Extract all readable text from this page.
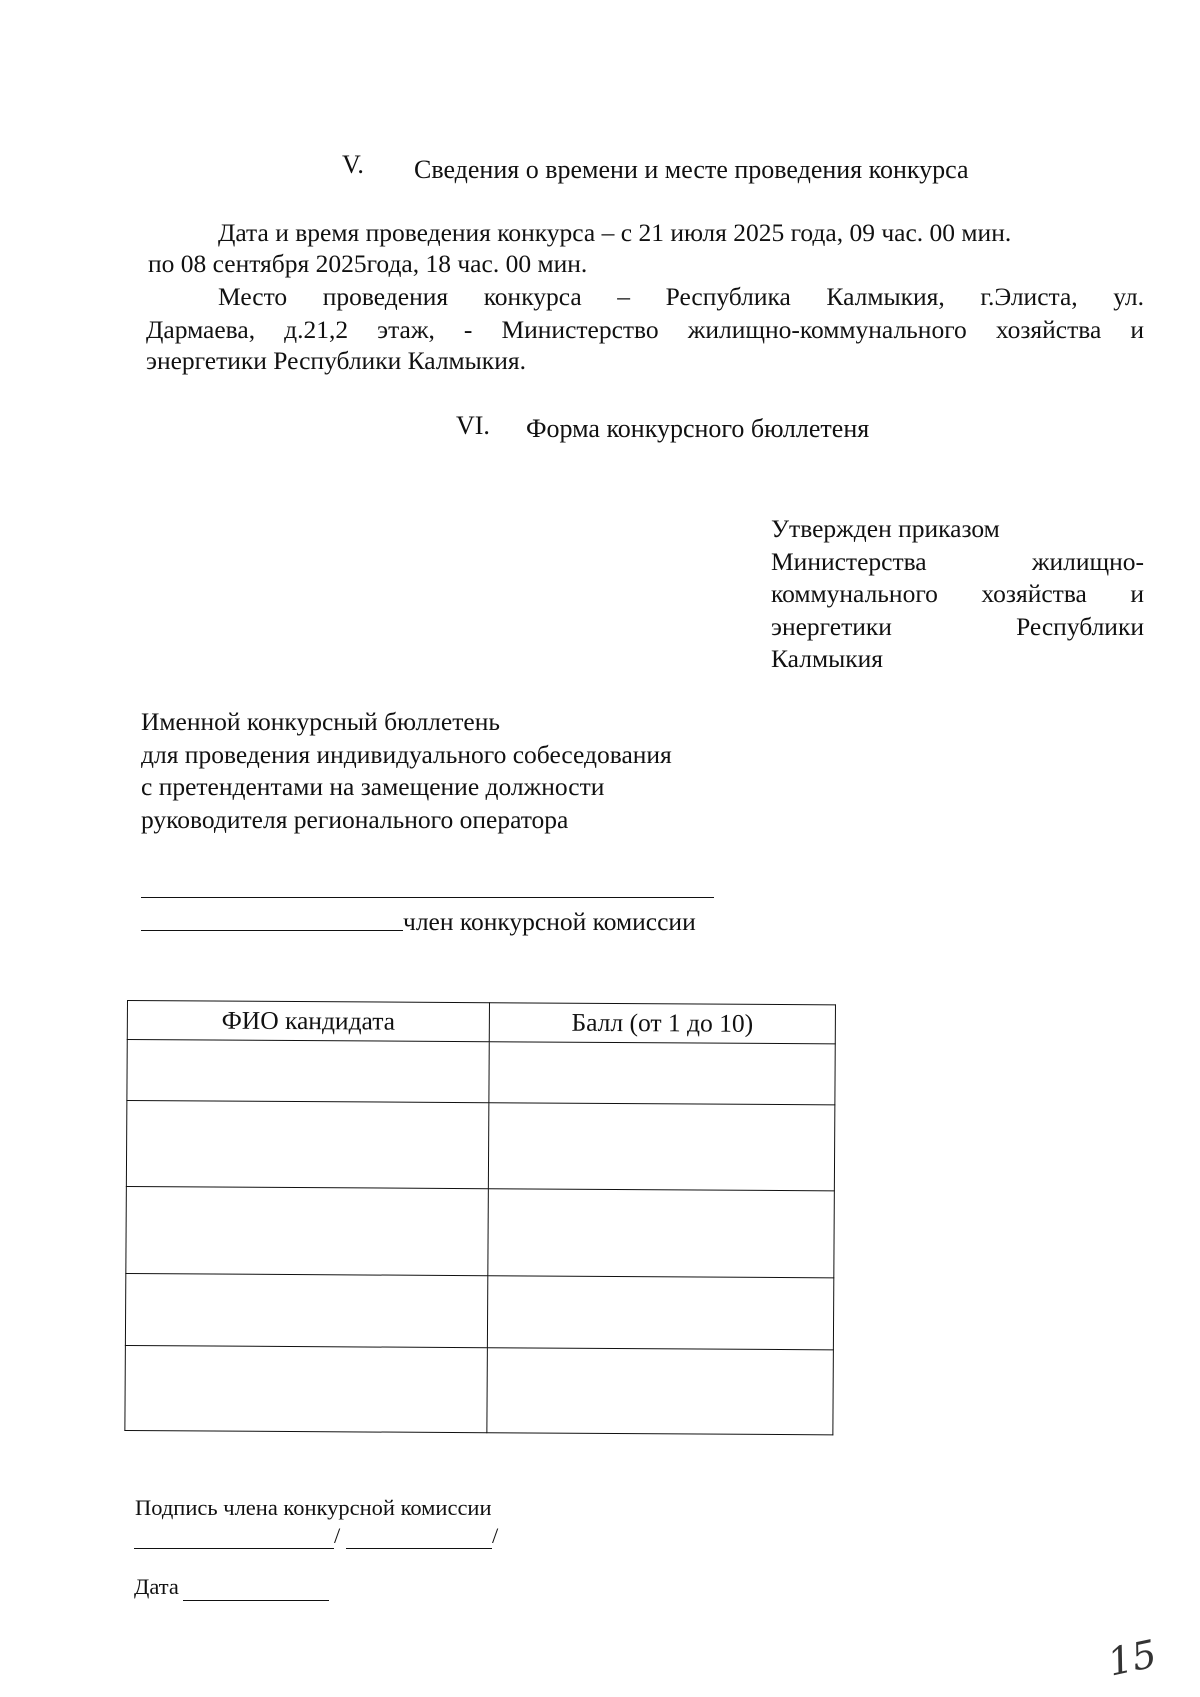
V. Сведения о времени и месте проведения конкурса
Дата и время проведения конкурса – с 21 июля 2025 года, 09 час. 00 мин.
по 08 сентября 2025года, 18 час. 00 мин.
Место проведения конкурса – Республика Калмыкия, г.Элиста, ул.
Дармаева, д.21,2 этаж, - Министерство жилищно-коммунального хозяйства и
энергетики Республики Калмыкия.
VI. Форма конкурсного бюллетеня
Утвержден приказом
Министерства жилищно-
коммунального хозяйства и
энергетики Республики
Калмыкия
Именной конкурсный бюллетень
для проведения индивидуального собеседования
с претендентами на замещение должности
руководителя регионального оператора
член конкурсной комиссии
ФИО кандидата	Балл (от 1 до 10)

Подпись члена конкурсной комиссии
/	/
Дата
15
